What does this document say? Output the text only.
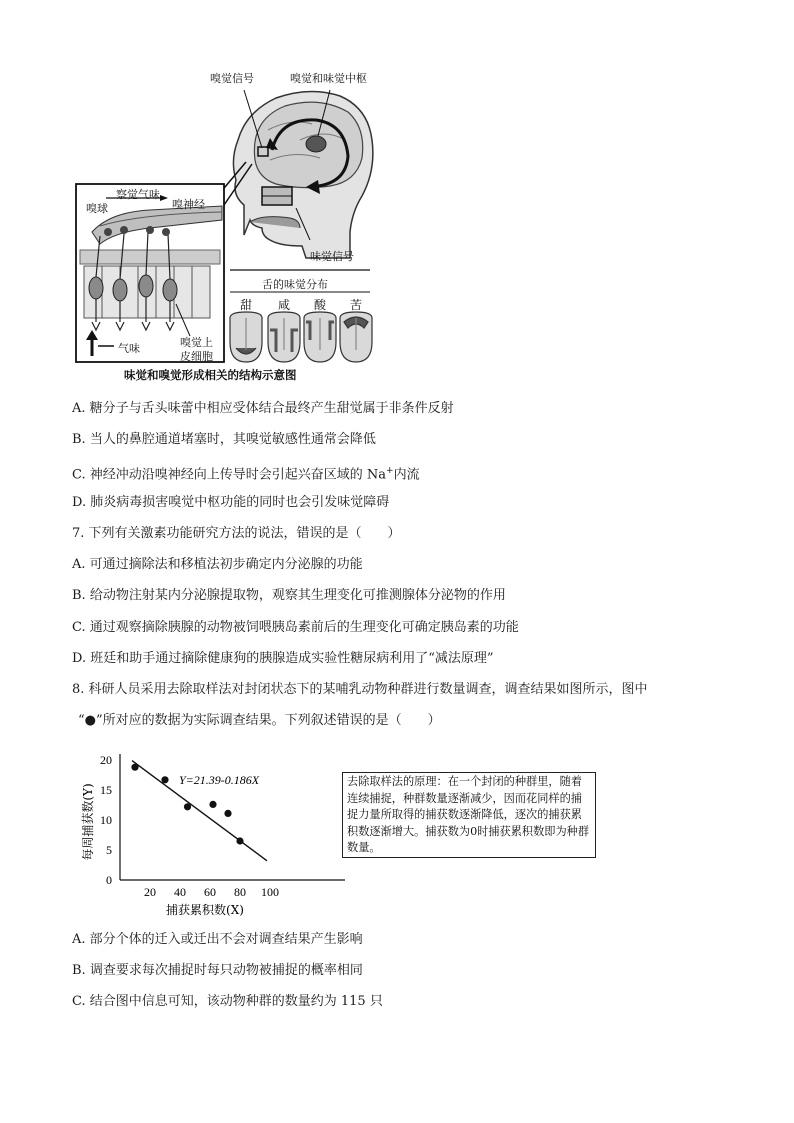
嗅觉信号	嗅觉和味觉中枢
察觉气味
嗅球	嗅神经
味觉信号
气味	嗅觉上
皮细胞
舌的味觉分布
甜 咸 酸 苦
味觉和嗅觉形成相关的结构示意图
A. 糖分子与舌头味蕾中相应受体结合最终产生甜觉属于非条件反射
B. 当人的鼻腔通道堵塞时，其嗅觉敏感性通常会降低
C. 神经冲动沿嗅神经向上传导时会引起兴奋区域的 Na+内流
D. 肺炎病毒损害嗅觉中枢功能的同时也会引发味觉障碍
7. 下列有关激素功能研究方法的说法，错误的是（　　）
A. 可通过摘除法和移植法初步确定内分泌腺的功能
B. 给动物注射某内分泌腺提取物，观察其生理变化可推测腺体分泌物的作用
C. 通过观察摘除胰腺的动物被饲喂胰岛素前后的生理变化可确定胰岛素的功能
D. 班廷和助手通过摘除健康狗的胰腺造成实验性糖尿病利用了“减法原理”
8. 科研人员采用去除取样法对封闭状态下的某哺乳动物种群进行数量调查，调查结果如图所示，图中
“●”所对应的数据为实际调查结果。下列叙述错误的是（　　）
20 40 60 80 100
0
5
10
15
20
Y=21.39-0.186X
捕获累积数(X)
每周捕获数(Y)
去除取样法的原理：在一个封闭的种群里，随着连续捕捉，种群数量逐渐减少，因而花同样的捕捉力量所取得的捕获数逐渐降低，逐次的捕获累积数逐渐增大。捕获数为0时捕获累积数即为种群数量。
A. 部分个体的迁入或迁出不会对调查结果产生影响
B. 调查要求每次捕捉时每只动物被捕捉的概率相同
C. 结合图中信息可知，该动物种群的数量约为 115 只
